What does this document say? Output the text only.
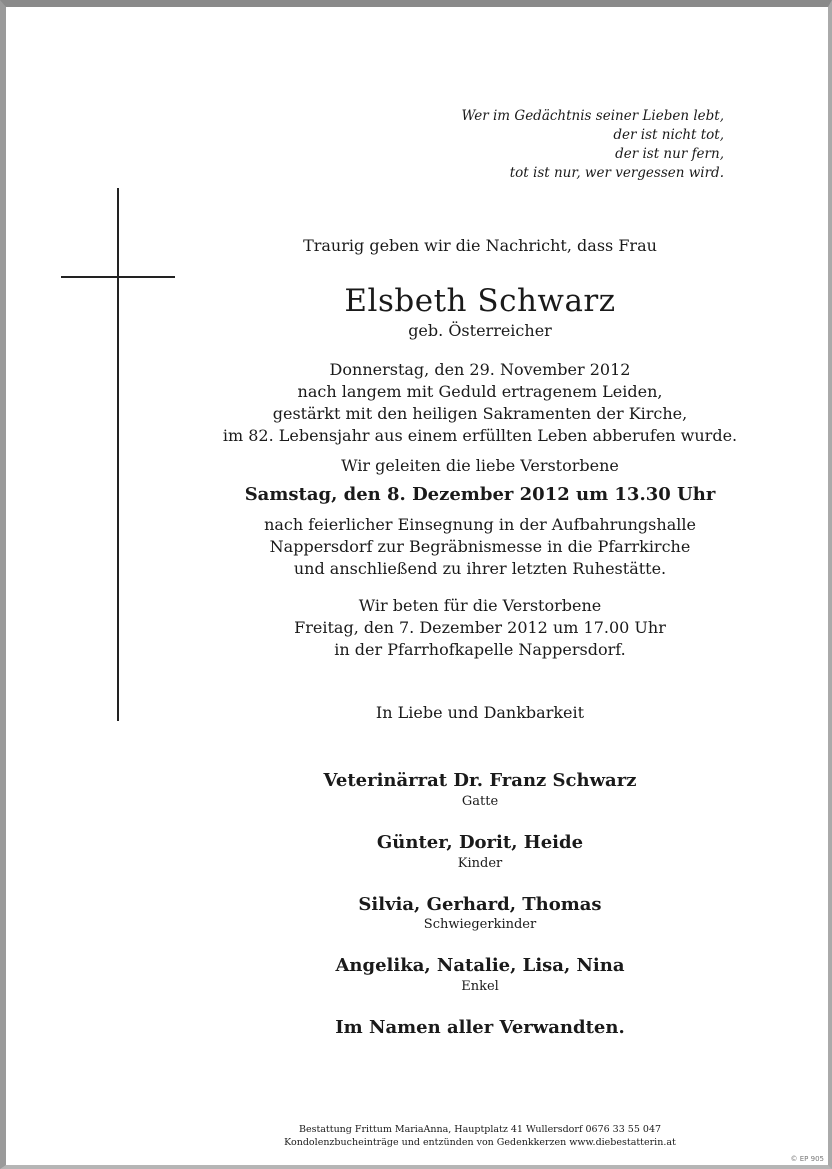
Wer im Gedächtnis seiner Lieben lebt,
der ist nicht tot,
der ist nur fern,
tot ist nur, wer vergessen wird.
Traurig geben wir die Nachricht, dass Frau
Elsbeth Schwarz
geb. Österreicher
Donnerstag, den 29. November 2012
nach langem mit Geduld ertragenem Leiden,
gestärkt mit den heiligen Sakramenten der Kirche,
im 82. Lebensjahr aus einem erfüllten Leben abberufen wurde.
Wir geleiten die liebe Verstorbene
Samstag, den 8. Dezember 2012 um 13.30 Uhr
nach feierlicher Einsegnung in der Aufbahrungshalle
Nappersdorf zur Begräbnismesse in die Pfarrkirche
und anschließend zu ihrer letzten Ruhestätte.
Wir beten für die Verstorbene
Freitag, den 7. Dezember 2012 um 17.00 Uhr
in der Pfarrhofkapelle Nappersdorf.
In Liebe und Dankbarkeit
Veterinärrat Dr. Franz Schwarz
Gatte
Günter, Dorit, Heide
Kinder
Silvia, Gerhard, Thomas
Schwiegerkinder
Angelika, Natalie, Lisa, Nina
Enkel
Im Namen aller Verwandten.
Bestattung Frittum MariaAnna, Hauptplatz 41 Wullersdorf 0676 33 55 047
Kondolenzbucheinträge und entzünden von Gedenkkerzen www.diebestatterin.at
© EP 905
